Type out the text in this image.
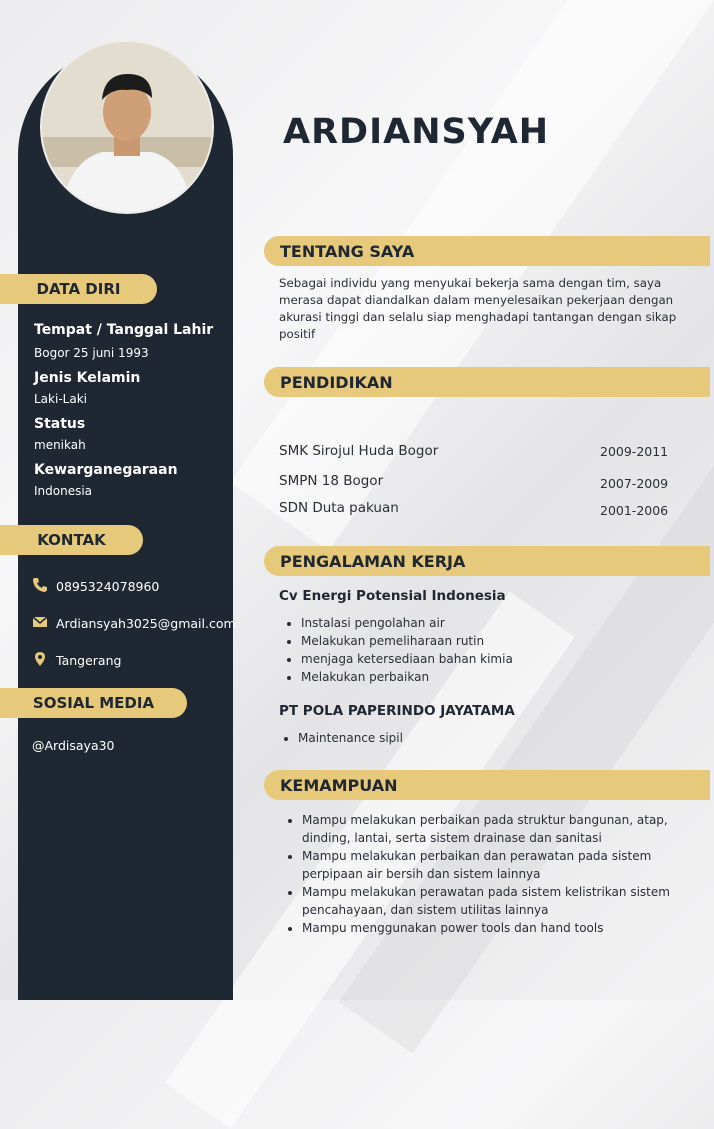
DATA DIRI
Tempat / Tanggal Lahir
Bogor 25 juni 1993
Jenis Kelamin
Laki-Laki
Status
menikah
Kewarganegaraan
Indonesia
KONTAK
0895324078960
Ardiansyah3025@gmail.com
Tangerang
SOSIAL MEDIA
@Ardisaya30
ARDIANSYAH
TENTANG SAYA
Sebagai individu yang menyukai bekerja sama dengan tim, saya merasa dapat diandalkan dalam menyelesaikan pekerjaan dengan akurasi tinggi dan selalu siap menghadapi tantangan dengan sikap positif
PENDIDIKAN
SMK Sirojul Huda Bogor	2009-2011
SMPN 18 Bogor	2007-2009
SDN Duta pakuan	2001-2006
PENGALAMAN KERJA
Cv Energi Potensial Indonesia
• Instalasi pengolahan air
• Melakukan pemeliharaan rutin
• menjaga ketersediaan bahan kimia
• Melakukan perbaikan
PT POLA PAPERINDO JAYATAMA
• Maintenance sipil
KEMAMPUAN
• Mampu melakukan perbaikan pada struktur bangunan, atap, dinding, lantai, serta sistem drainase dan sanitasi
• Mampu melakukan perbaikan dan perawatan pada sistem perpipaan air bersih dan sistem lainnya
• Mampu melakukan perawatan pada sistem kelistrikan sistem pencahayaan, dan sistem utilitas lainnya
• Mampu menggunakan power tools dan hand tools
